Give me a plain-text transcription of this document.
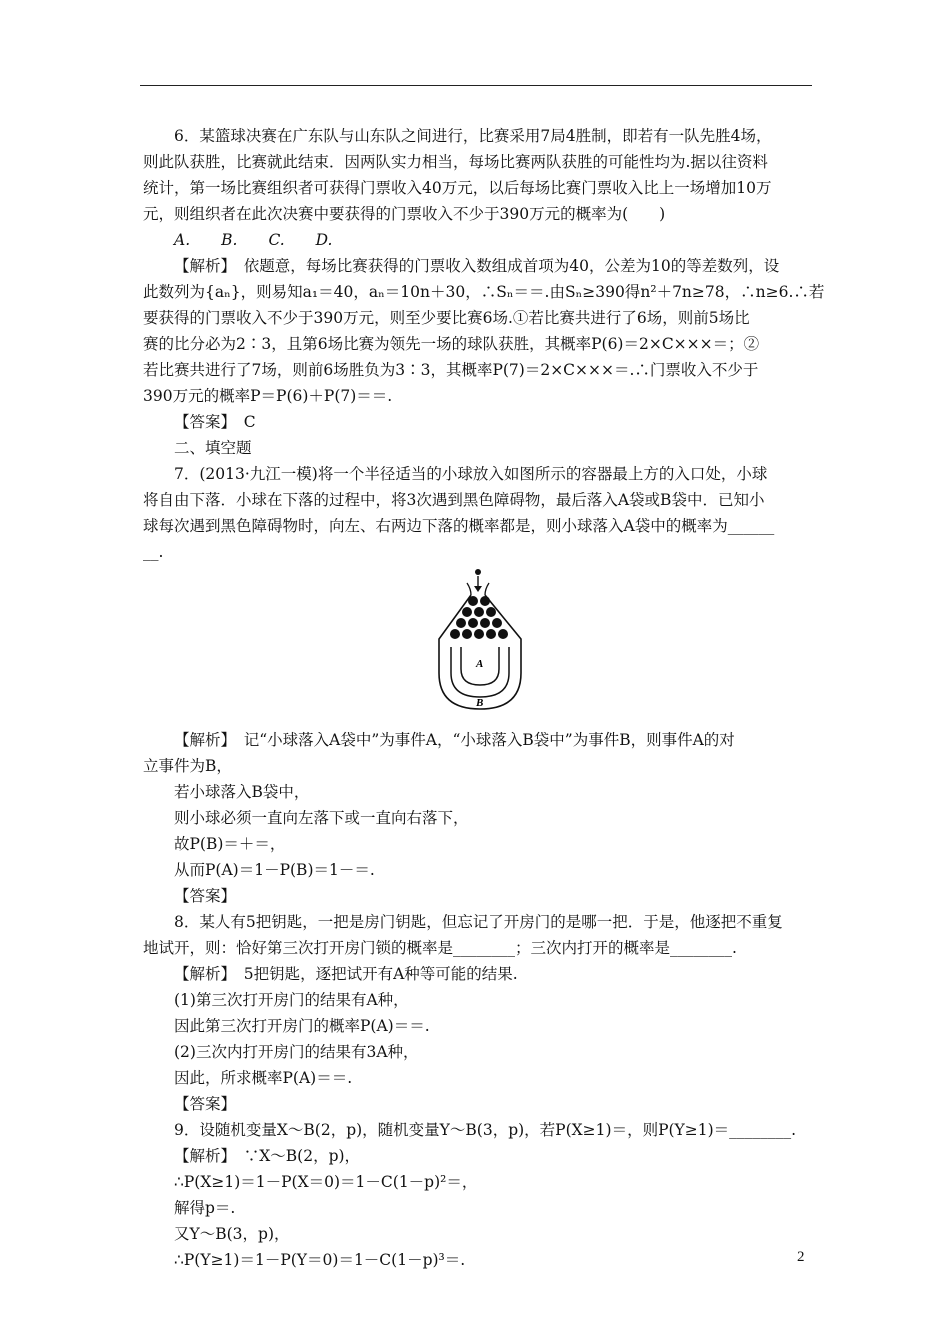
6．某篮球决赛在广东队与山东队之间进行，比赛采用7局4胜制，即若有一队先胜4场，
则此队获胜，比赛就此结束．因两队实力相当，每场比赛两队获胜的可能性均为.据以往资料
统计，第一场比赛组织者可获得门票收入40万元，以后每场比赛门票收入比上一场增加10万
元，则组织者在此次决赛中要获得的门票收入不少于390万元的概率为(　　)
A.　　B.　　C.　　D.
【解析】　依题意，每场比赛获得的门票收入数组成首项为40，公差为10的等差数列，设
此数列为{aₙ}，则易知a₁＝40，aₙ＝10n＋30，∴Sₙ＝＝.由Sₙ≥390得n²＋7n≥78，∴n≥6.∴若
要获得的门票收入不少于390万元，则至少要比赛6场.①若比赛共进行了6场，则前5场比
赛的比分必为2∶3，且第6场比赛为领先一场的球队获胜，其概率P(6)＝2×C×××＝；②
若比赛共进行了7场，则前6场胜负为3∶3，其概率P(7)＝2×C×××＝.∴门票收入不少于
390万元的概率P＝P(6)＋P(7)＝＝.
【答案】　C
二、填空题
7．(2013·九江一模)将一个半径适当的小球放入如图所示的容器最上方的入口处，小球
将自由下落．小球在下落的过程中，将3次遇到黑色障碍物，最后落入A袋或B袋中．已知小
球每次遇到黑色障碍物时，向左、右两边下落的概率都是，则小球落入A袋中的概率为______
__.
A
B
【解析】　记“小球落入A袋中”为事件A，“小球落入B袋中”为事件B，则事件A的对
立事件为B，
若小球落入B袋中，
则小球必须一直向左落下或一直向右落下，
故P(B)＝＋＝，
从而P(A)＝1－P(B)＝1－＝.
【答案】
8．某人有5把钥匙，一把是房门钥匙，但忘记了开房门的是哪一把．于是，他逐把不重复
地试开，则：恰好第三次打开房门锁的概率是________；三次内打开的概率是________.
【解析】　5把钥匙，逐把试开有A种等可能的结果.
(1)第三次打开房门的结果有A种，
因此第三次打开房门的概率P(A)＝＝.
(2)三次内打开房门的结果有3A种，
因此，所求概率P(A)＝＝.
【答案】
9．设随机变量X～B(2，p)，随机变量Y～B(3，p)，若P(X≥1)＝，则P(Y≥1)＝________.
【解析】　∵X～B(2，p)，
∴P(X≥1)＝1－P(X＝0)＝1－C(1－p)²＝，
解得p＝.
又Y～B(3，p)，
∴P(Y≥1)＝1－P(Y＝0)＝1－C(1－p)³＝.	2
